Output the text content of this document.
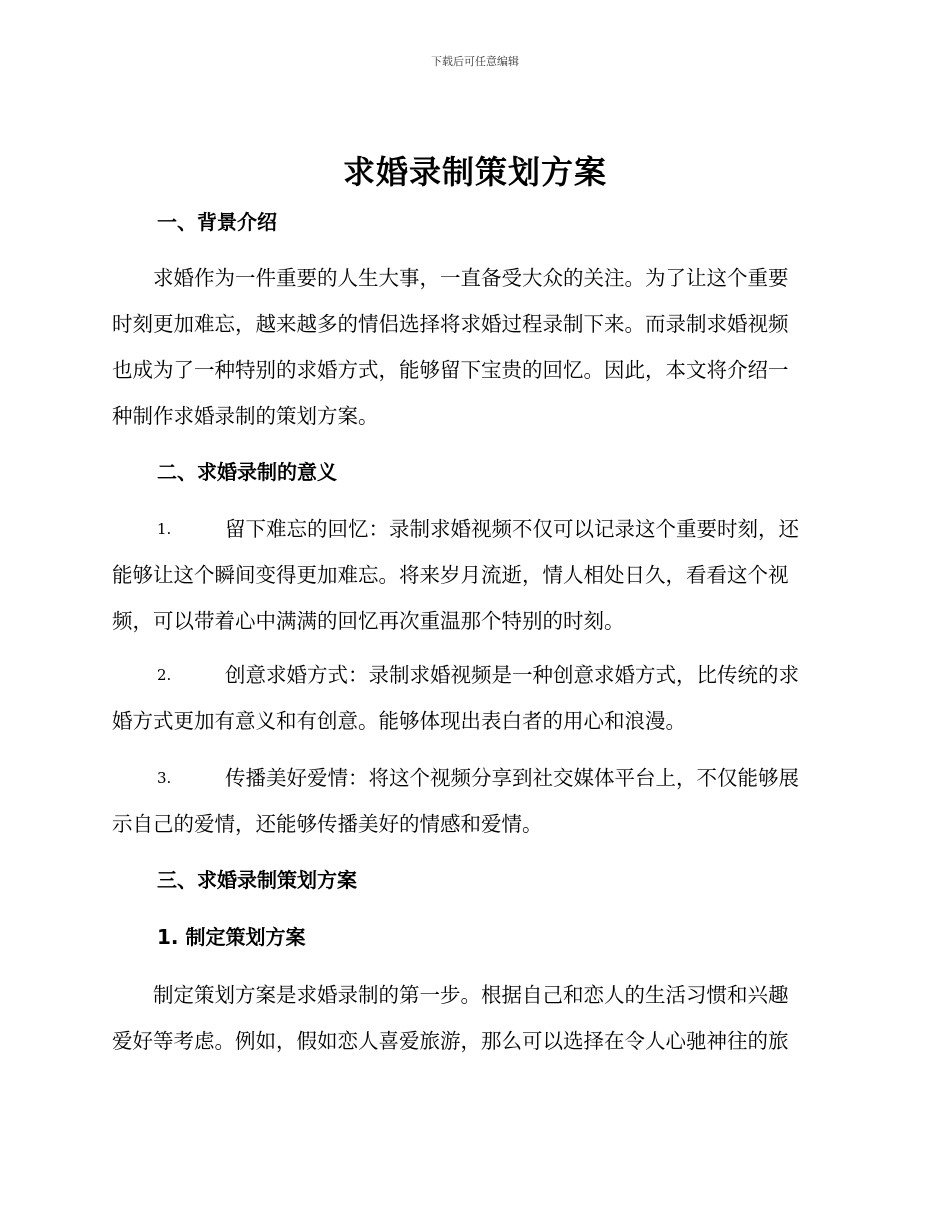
下载后可任意编辑
求婚录制策划方案
一、背景介绍
　　求婚作为一件重要的人生大事，一直备受大众的关注。为了让这个重要
时刻更加难忘，越来越多的情侣选择将求婚过程录制下来。而录制求婚视频
也成为了一种特别的求婚方式，能够留下宝贵的回忆。因此，本文将介绍一
种制作求婚录制的策划方案。
二、求婚录制的意义
1.	留下难忘的回忆：录制求婚视频不仅可以记录这个重要时刻，还
能够让这个瞬间变得更加难忘。将来岁月流逝，情人相处日久，看看这个视
频，可以带着心中满满的回忆再次重温那个特别的时刻。
2.	创意求婚方式：录制求婚视频是一种创意求婚方式，比传统的求
婚方式更加有意义和有创意。能够体现出表白者的用心和浪漫。
3.	传播美好爱情：将这个视频分享到社交媒体平台上，不仅能够展
示自己的爱情，还能够传播美好的情感和爱情。
三、求婚录制策划方案
1. 制定策划方案
　　制定策划方案是求婚录制的第一步。根据自己和恋人的生活习惯和兴趣
爱好等考虑。例如，假如恋人喜爱旅游，那么可以选择在令人心驰神往的旅
